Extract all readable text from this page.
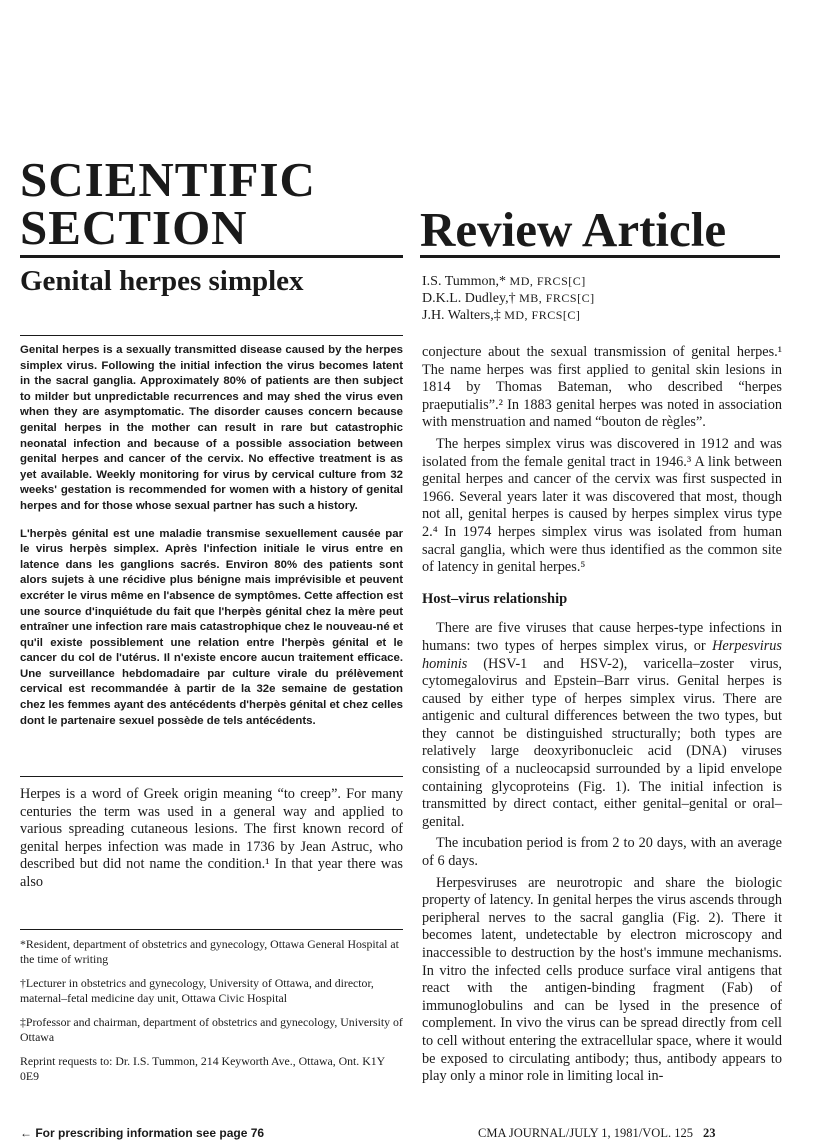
SCIENTIFIC
SECTION	Review Article
Genital herpes simplex	I.S. Tummon,* MD, FRCS[C]
D.K.L. Dudley,† MB, FRCS[C]
J.H. Walters,‡ MD, FRCS[C]

Genital herpes is a sexually transmitted disease caused by the herpes simplex virus. Following the initial infection the virus becomes latent in the sacral ganglia. Approximately 80% of patients are then subject to milder but unpredictable recurrences and may shed the virus even when they are asymptomatic. The disorder causes concern because genital herpes in the mother can result in rare but catastrophic neonatal infection and because of a possible association between genital herpes and cancer of the cervix. No effective treatment is as yet available. Weekly monitoring for virus by cervical culture from 32 weeks' gestation is recommended for women with a history of genital herpes and for those whose sexual partner has such a history.

L'herpès génital est une maladie transmise sexuellement causée par le virus herpès simplex. Après l'infection initiale le virus entre en latence dans les ganglions sacrés. Environ 80% des patients sont alors sujets à une récidive plus bénigne mais imprévisible et peuvent excréter le virus même en l'absence de symptômes. Cette affection est une source d'inquiétude du fait que l'herpès génital chez la mère peut entraîner une infection rare mais catastrophique chez le nouveau-né et qu'il existe possiblement une relation entre l'herpès génital et le cancer du col de l'utérus. Il n'existe encore aucun traitement efficace. Une surveillance hebdomadaire par culture virale du prélèvement cervical est recommandée à partir de la 32e semaine de gestation chez les femmes ayant des antécédents d'herpès génital et chez celles dont le partenaire sexuel possède de tels antécédents.

Herpes is a word of Greek origin meaning “to creep”. For many centuries the term was used in a general way and applied to various spreading cutaneous lesions. The first known record of genital herpes infection was made in 1736 by Jean Astruc, who described but did not name the condition.¹ In that year there was also

*Resident, department of obstetrics and gynecology, Ottawa General Hospital at the time of writing

†Lecturer in obstetrics and gynecology, University of Ottawa, and director, maternal–fetal medicine day unit, Ottawa Civic Hospital

‡Professor and chairman, department of obstetrics and gynecology, University of Ottawa

Reprint requests to: Dr. I.S. Tummon, 214 Keyworth Ave., Ottawa, Ont. K1Y 0E9

conjecture about the sexual transmission of genital herpes.¹ The name herpes was first applied to genital skin lesions in 1814 by Thomas Bateman, who described “herpes praeputialis”.² In 1883 genital herpes was noted in association with menstruation and named “bouton de règles”.

The herpes simplex virus was discovered in 1912 and was isolated from the female genital tract in 1946.³ A link between genital herpes and cancer of the cervix was first suspected in 1966. Several years later it was discovered that most, though not all, genital herpes is caused by herpes simplex virus type 2.⁴ In 1974 herpes simplex virus was isolated from human sacral ganglia, which were thus identified as the common site of latency in genital herpes.⁵

Host–virus relationship

There are five viruses that cause herpes-type infections in humans: two types of herpes simplex virus, or Herpesvirus hominis (HSV-1 and HSV-2), varicella–zoster virus, cytomegalovirus and Epstein–Barr virus. Genital herpes is caused by either type of herpes simplex virus. There are antigenic and cultural differences between the two types, but they cannot be distinguished structurally; both types are relatively large deoxyribonucleic acid (DNA) viruses consisting of a nucleocapsid surrounded by a lipid envelope containing glycoproteins (Fig. 1). The initial infection is transmitted by direct contact, either genital–genital or oral–genital.

The incubation period is from 2 to 20 days, with an average of 6 days.

Herpesviruses are neurotropic and share the biologic property of latency. In genital herpes the virus ascends through peripheral nerves to the sacral ganglia (Fig. 2). There it becomes latent, undetectable by electron microscopy and inaccessible to destruction by the host's immune mechanisms. In vitro the infected cells produce surface viral antigens that react with the antigen-binding fragment (Fab) of immunoglobulins and can be lysed in the presence of complement. In vivo the virus can be spread directly from cell to cell without entering the extracellular space, where it would be exposed to circulating antibody; thus, antibody appears to play only a minor role in limiting local in-

← For prescribing information see page 76	CMA JOURNAL/JULY 1, 1981/VOL. 125 23
